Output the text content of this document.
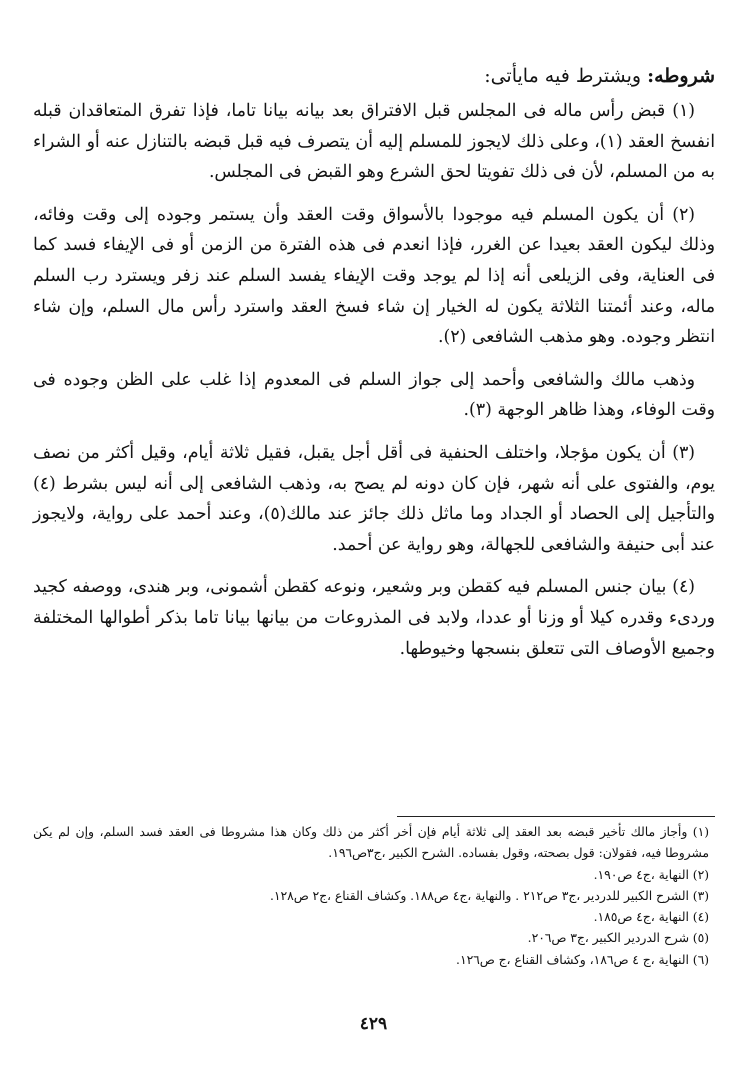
شروطه: ويشترط فيه مايأتى:

(١) قبض رأس ماله فى المجلس قبل الافتراق بعد بيانه بيانا تاما، فإذا تفرق المتعاقدان قبله انفسخ العقد (١)، وعلى ذلك لايجوز للمسلم إليه أن يتصرف فيه قبل قبضه بالتنازل عنه أو الشراء به من المسلم، لأن فى ذلك تفويتا لحق الشرع وهو القبض فى المجلس.

(٢) أن يكون المسلم فيه موجودا بالأسواق وقت العقد وأن يستمر وجوده إلى وقت وفائه، وذلك ليكون العقد بعيدا عن الغرر، فإذا انعدم فى هذه الفترة من الزمن أو فى الإيفاء فسد كما فى العناية، وفى الزيلعى أنه إذا لم يوجد وقت الإيفاء يفسد السلم عند زفر ويسترد رب السلم ماله، وعند أئمتنا الثلاثة يكون له الخيار إن شاء فسخ العقد واسترد رأس مال السلم، وإن شاء انتظر وجوده. وهو مذهب الشافعى (٢).

وذهب مالك والشافعى وأحمد إلى جواز السلم فى المعدوم إذا غلب على الظن وجوده فى وقت الوفاء، وهذا ظاهر الوجهة (٣).

(٣) أن يكون مؤجلا، واختلف الحنفية فى أقل أجل يقبل، فقيل ثلاثة أيام، وقيل أكثر من نصف يوم، والفتوى على أنه شهر، فإن كان دونه لم يصح به، وذهب الشافعى إلى أنه ليس بشرط (٤) والتأجيل إلى الحصاد أو الجداد وما ماثل ذلك جائز عند مالك(٥)، وعند أحمد على رواية، ولايجوز عند أبى حنيفة والشافعى للجهالة، وهو رواية عن أحمد.

(٤) بيان جنس المسلم فيه كقطن وبر وشعير، ونوعه كقطن أشمونى، وبر هندى، ووصفه كجيد وردىء وقدره كيلا أو وزنا أو عددا، ولابد فى المذروعات من بيانها بيانا تاما بذكر أطوالها المختلفة وجميع الأوصاف التى تتعلق بنسجها وخيوطها.

(١) وأجاز مالك تأخير قبضه بعد العقد إلى ثلاثة أيام فإن أخر أكثر من ذلك وكان هذا مشروطا فى العقد فسد السلم، وإن لم يكن مشروطا فيه، فقولان: قول بصحته، وقول بفساده. الشرح الكبير ،ج٣ص١٩٦.

(٢) النهاية ،ج٤ ص١٩٠.

(٣) الشرح الكبير للدردير ،ج٣ ص٢١٢ . والنهاية ،ج٤ ص١٨٨. وكشاف القناع ،ج٢ ص١٢٨.

(٤) النهاية ،ج٤ ص١٨٥.

(٥) شرح الدردير الكبير ،ج٣ ص٢٠٦.

(٦) النهاية ،ج ٤ ص١٨٦، وكشاف القناع ،ج ص١٢٦.

٤٢٩
